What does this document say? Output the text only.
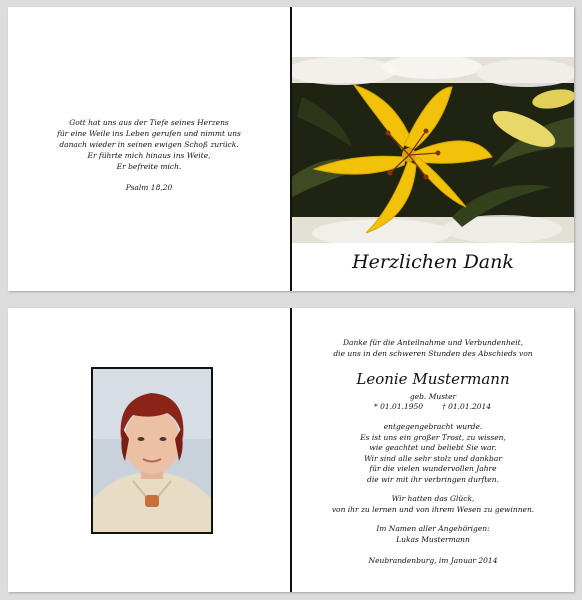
Gott hat uns aus der Tiefe seines Herzens
für eine Weile ins Leben gerufen und nimmt uns
danach wieder in seinen ewigen Schoß zurück.
Er führte mich hinaus ins Weite,
Er befreite mich.
Psalm 18,20
Herzlichen Dank
Danke für die Anteilnahme und Verbundenheit,
die uns in den schweren Stunden des Abschieds von
Leonie Mustermann
geb. Muster
* 01.01.1950	† 01.01.2014
entgegengebracht wurde.
Es ist uns ein großer Trost, zu wissen,
wie geachtet und beliebt Sie war.
Wir sind alle sehr stolz und dankbar
für die vielen wundervollen Jahre
die wir mit ihr verbringen durften.
Wir hatten das Glück,
von ihr zu lernen und von ihrem Wesen zu gewinnen.
Im Namen aller Angehörigen:
Lukas Mustermann
Neubrandenburg, im Januar 2014
